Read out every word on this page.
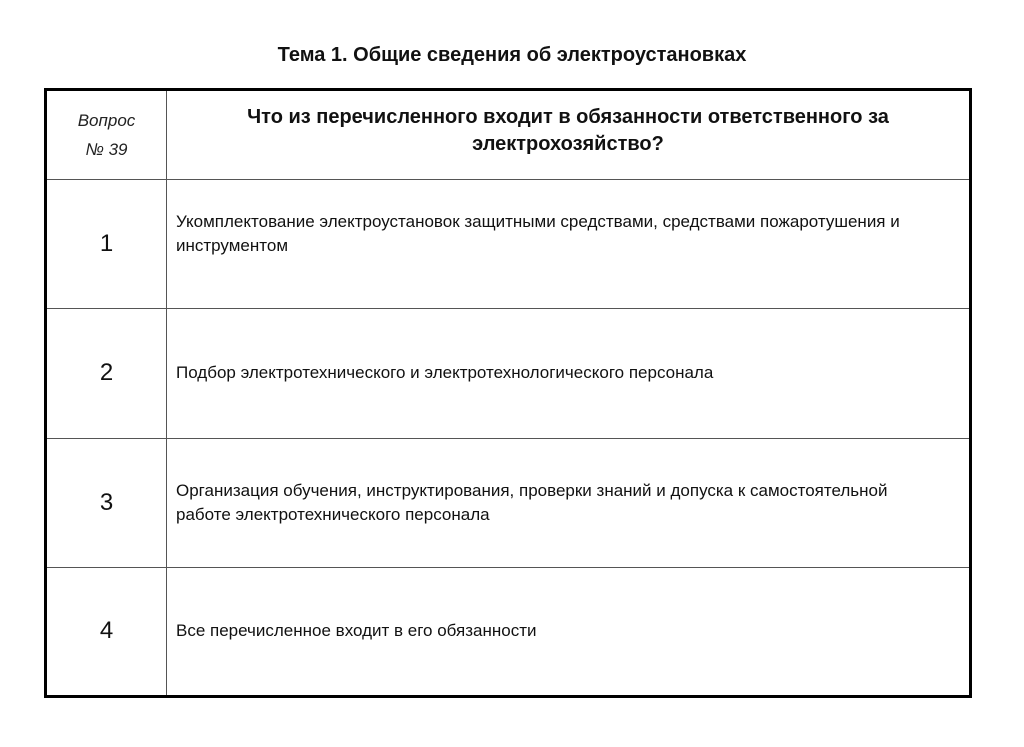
Тема 1. Общие сведения об электроустановках
Вопрос
№ 39	Что из перечисленного входит в обязанности ответственного за электрохозяйство?

1	Укомплектование электроустановок защитными средствами, средствами пожаротушения и инструментом

2	Подбор электротехнического и электротехнологического персонала

3	Организация обучения, инструктирования, проверки знаний и допуска к самостоятельной работе электротехнического персонала

4	Все перечисленное входит в его обязанности
